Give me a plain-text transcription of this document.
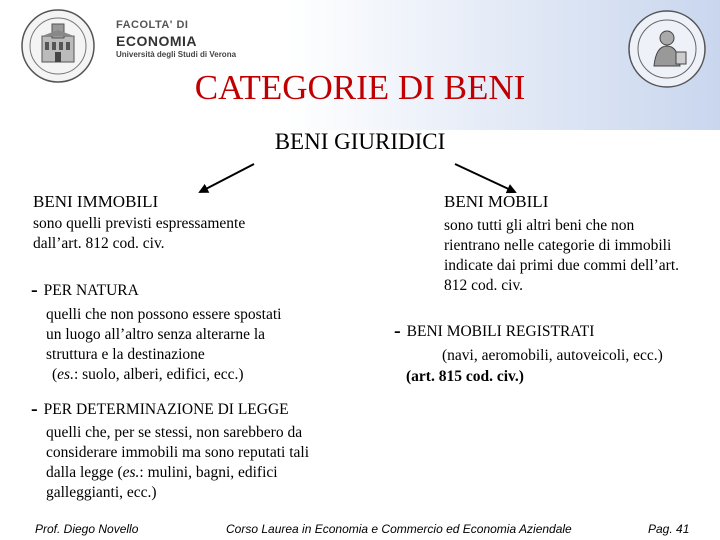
FACOLTA' DI
ECONOMIA
Università degli Studi di Verona
CATEGORIE DI BENI
BENI GIURIDICI
BENI IMMOBILI
sono quelli previsti espressamente
dall’art. 812 cod. civ.
- PER NATURA
quelli che non possono essere spostati
un luogo all’altro senza alterarne la
struttura e la destinazione
(es.: suolo, alberi, edifici, ecc.)
- PER DETERMINAZIONE DI LEGGE
quelli che, per se stessi, non sarebbero da
considerare immobili ma sono reputati tali
dalla legge (es.: mulini, bagni, edifici
galleggianti, ecc.)
BENI MOBILI
sono tutti gli altri beni che non
rientrano nelle categorie di immobili
indicate dai primi due commi dell’art.
812 cod. civ.
- BENI MOBILI REGISTRATI
(navi, aeromobili, autoveicoli, ecc.)
(art. 815 cod. civ.)
Prof. Diego Novello	Corso Laurea in Economia e Commercio ed Economia Aziendale	Pag. 41
